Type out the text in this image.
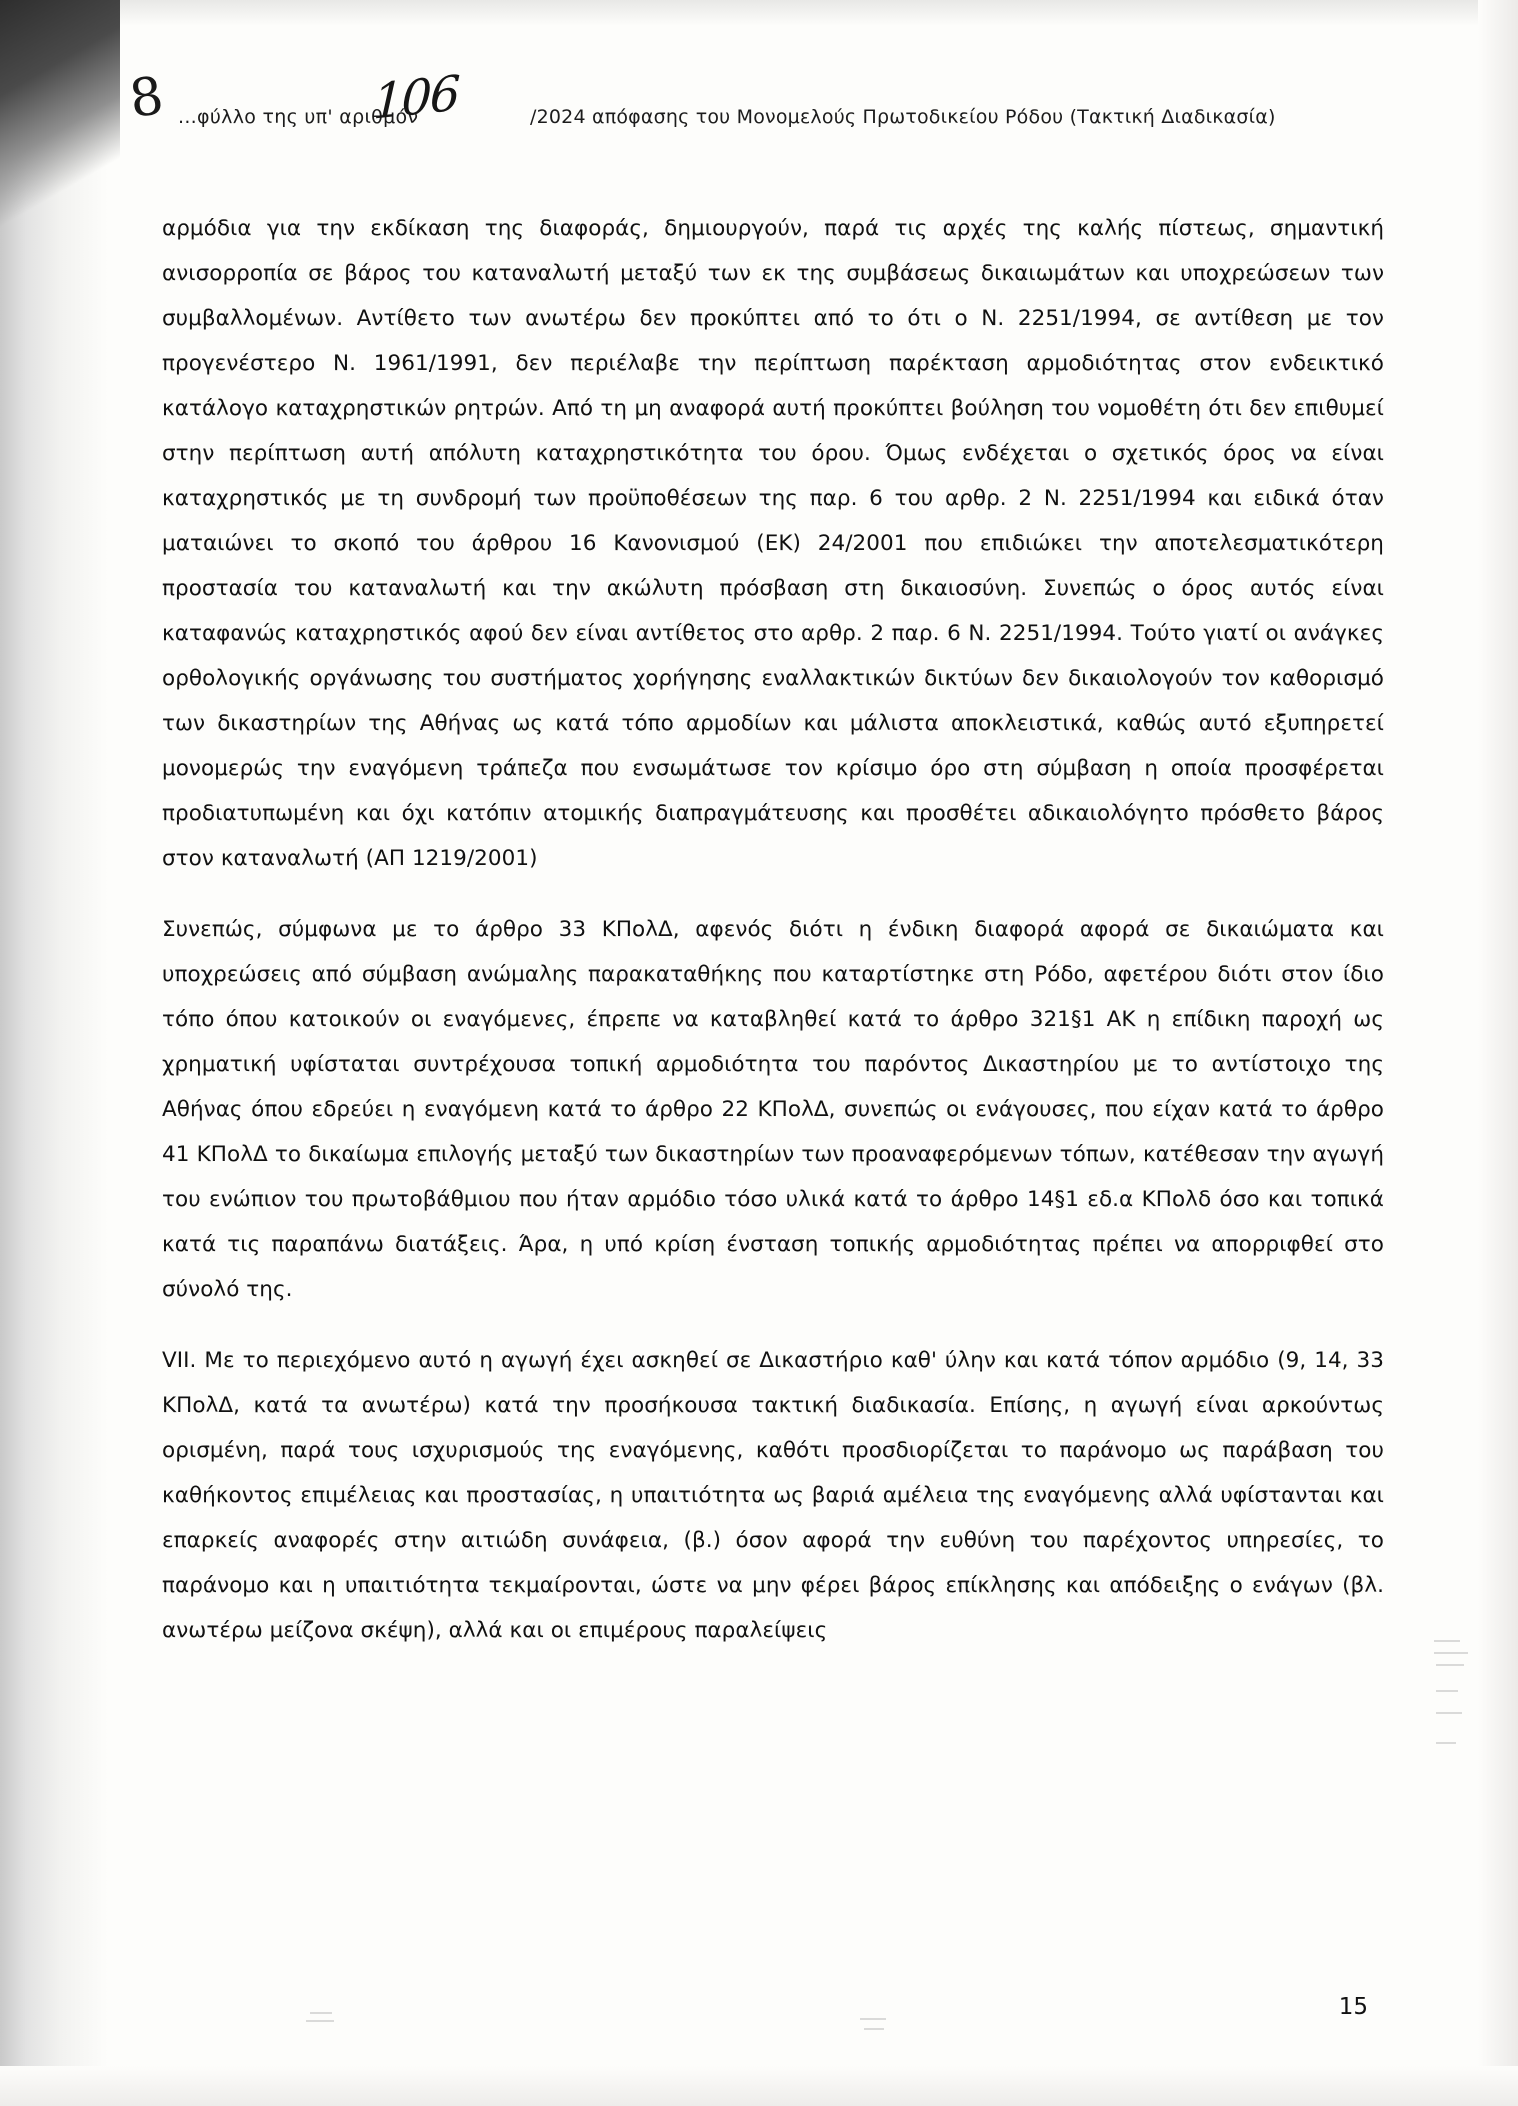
8 ...φύλλο της υπ' αριθμόν
106	/2024 απόφασης του Μονομελούς Πρωτοδικείου Ρόδου (Τακτική Διαδικασία)

αρμόδια για την εκδίκαση της διαφοράς, δημιουργούν, παρά τις αρχές της καλής πίστεως, σημαντική ανισορροπία σε βάρος του καταναλωτή μεταξύ των εκ της συμβάσεως δικαιωμάτων και υποχρεώσεων των συμβαλλομένων. Αντίθετο των ανωτέρω δεν προκύπτει από το ότι ο Ν. 2251/1994, σε αντίθεση με τον προγενέστερο Ν. 1961/1991, δεν περιέλαβε την περίπτωση παρέκταση αρμοδιότητας στον ενδεικτικό κατάλογο καταχρηστικών ρητρών. Από τη μη αναφορά αυτή προκύπτει βούληση του νομοθέτη ότι δεν επιθυμεί στην περίπτωση αυτή απόλυτη καταχρηστικότητα του όρου. Όμως ενδέχεται ο σχετικός όρος να είναι καταχρηστικός με τη συνδρομή των προϋποθέσεων της παρ. 6 του αρθρ. 2 Ν. 2251/1994 και ειδικά όταν ματαιώνει το σκοπό του άρθρου 16 Κανονισμού (ΕΚ) 24/2001 που επιδιώκει την αποτελεσματικότερη προστασία του καταναλωτή και την ακώλυτη πρόσβαση στη δικαιοσύνη. Συνεπώς ο όρος αυτός είναι καταφανώς καταχρηστικός αφού δεν είναι αντίθετος στο αρθρ. 2 παρ. 6 Ν. 2251/1994. Τούτο γιατί οι ανάγκες ορθολογικής οργάνωσης του συστήματος χορήγησης εναλλακτικών δικτύων δεν δικαιολογούν τον καθορισμό των δικαστηρίων της Αθήνας ως κατά τόπο αρμοδίων και μάλιστα αποκλειστικά, καθώς αυτό εξυπηρετεί μονομερώς την εναγόμενη τράπεζα που ενσωμάτωσε τον κρίσιμο όρο στη σύμβαση η οποία προσφέρεται προδιατυπωμένη και όχι κατόπιν ατομικής διαπραγμάτευσης και προσθέτει αδικαιολόγητο πρόσθετο βάρος στον καταναλωτή (ΑΠ 1219/2001)

Συνεπώς, σύμφωνα με το άρθρο 33 ΚΠολΔ, αφενός διότι η ένδικη διαφορά αφορά σε δικαιώματα και υποχρεώσεις από σύμβαση ανώμαλης παρακαταθήκης που καταρτίστηκε στη Ρόδο, αφετέρου διότι στον ίδιο τόπο όπου κατοικούν οι εναγόμενες, έπρεπε να καταβληθεί κατά το άρθρο 321§1 ΑΚ η επίδικη παροχή ως χρηματική υφίσταται συντρέχουσα τοπική αρμοδιότητα του παρόντος Δικαστηρίου με το αντίστοιχο της Αθήνας όπου εδρεύει η εναγόμενη κατά το άρθρο 22 ΚΠολΔ, συνεπώς οι ενάγουσες, που είχαν κατά το άρθρο 41 ΚΠολΔ το δικαίωμα επιλογής μεταξύ των δικαστηρίων των προαναφερόμενων τόπων, κατέθεσαν την αγωγή του ενώπιον του πρωτοβάθμιου που ήταν αρμόδιο τόσο υλικά κατά το άρθρο 14§1 εδ.α ΚΠολδ όσο και τοπικά κατά τις παραπάνω διατάξεις. Άρα, η υπό κρίση ένσταση τοπικής αρμοδιότητας πρέπει να απορριφθεί στο σύνολό της.

VII. Με το περιεχόμενο αυτό η αγωγή έχει ασκηθεί σε Δικαστήριο καθ' ύλην και κατά τόπον αρμόδιο (9, 14, 33 ΚΠολΔ, κατά τα ανωτέρω) κατά την προσήκουσα τακτική διαδικασία. Επίσης, η αγωγή είναι αρκούντως ορισμένη, παρά τους ισχυρισμούς της εναγόμενης, καθότι προσδιορίζεται το παράνομο ως παράβαση του καθήκοντος επιμέλειας και προστασίας, η υπαιτιότητα ως βαριά αμέλεια της εναγόμενης αλλά υφίστανται και επαρκείς αναφορές στην αιτιώδη συνάφεια, (β.) όσον αφορά την ευθύνη του παρέχοντος υπηρεσίες, το παράνομο και η υπαιτιότητα τεκμαίρονται, ώστε να μην φέρει βάρος επίκλησης και απόδειξης ο ενάγων (βλ. ανωτέρω μείζονα σκέψη), αλλά και οι επιμέρους παραλείψεις

15
